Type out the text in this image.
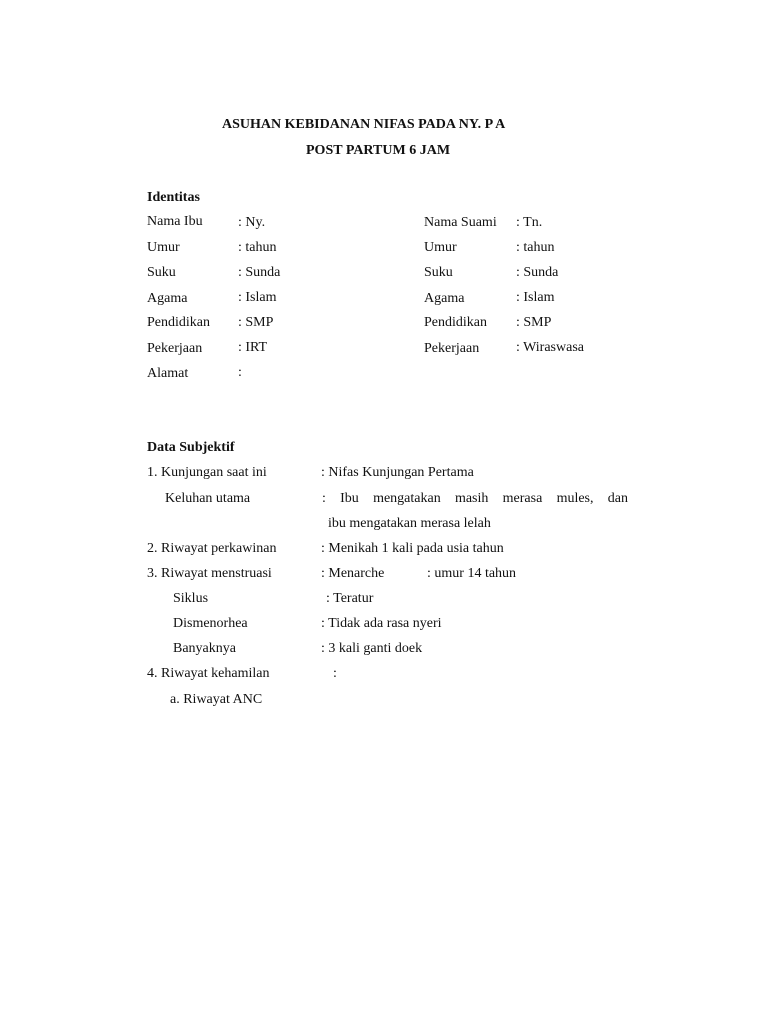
ASUHAN KEBIDANAN NIFAS PADA NY. P A
POST PARTUM 6 JAM
Identitas
Nama Ibu	: Ny.
Umur	: tahun
Suku	: Sunda
Agama	: Islam
Pendidikan : SMP
Pekerjaan	: IRT
Alamat	:
Nama Suami : Tn.
Umur	: tahun
Suku	: Sunda
Agama	: Islam
Pendidikan : SMP
Pekerjaan	: Wiraswasa
Data Subjektif
1. Kunjungan saat ini	: Nifas Kunjungan Pertama
Keluhan utama	: Ibu mengatakan masih merasa mules, dan
ibu mengatakan merasa lelah
2. Riwayat perkawinan	: Menikah 1 kali pada usia tahun
3. Riwayat menstruasi	: Menarche	: umur 14 tahun
Siklus	: Teratur
Dismenorhea	: Tidak ada rasa nyeri
Banyaknya	: 3 kali ganti doek
4. Riwayat kehamilan	:
a. Riwayat ANC
